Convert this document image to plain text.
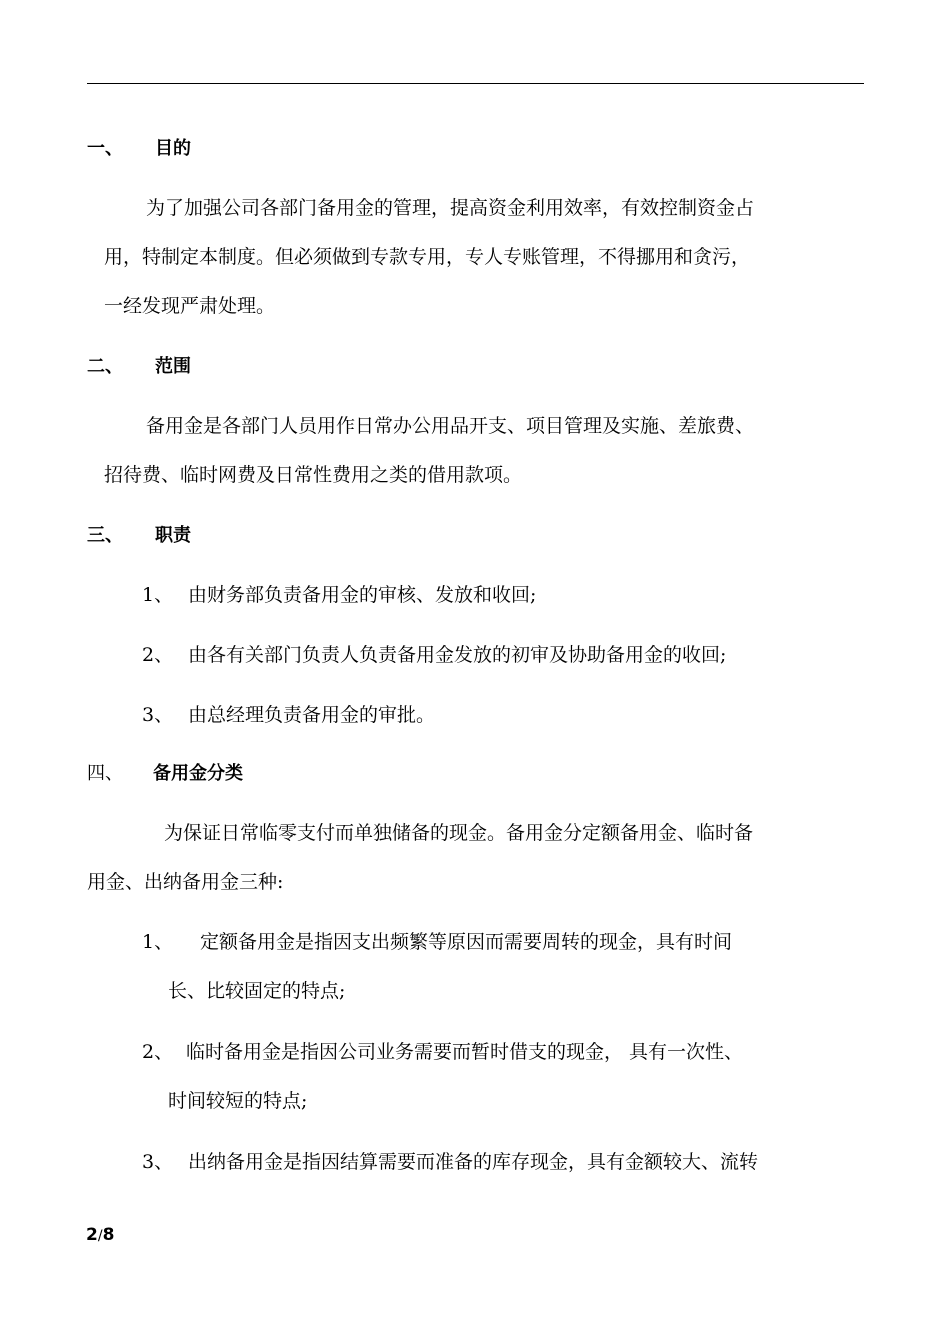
一、 目的
为了加强公司各部门备用金的管理，提高资金利用效率，有效控制资金占
用，特制定本制度。但必须做到专款专用，专人专账管理，不得挪用和贪污，
一经发现严肃处理。
二、 范围
备用金是各部门人员用作日常办公用品开支、项目管理及实施、差旅费、
招待费、临时网费及日常性费用之类的借用款项。
三、 职责
1、 由财务部负责备用金的审核、发放和收回;
2、 由各有关部门负责人负责备用金发放的初审及协助备用金的收回;
3、 由总经理负责备用金的审批。
四、 备用金分类
为保证日常临零支付而单独储备的现金。备用金分定额备用金、临时备
用金、出纳备用金三种:
1、 定额备用金是指因支出频繁等原因而需要周转的现金，具有时间
长、比较固定的特点;
2、 临时备用金是指因公司业务需要而暂时借支的现金， 具有一次性、
时间较短的特点;
3、 出纳备用金是指因结算需要而准备的库存现金，具有金额较大、流转
2/8
